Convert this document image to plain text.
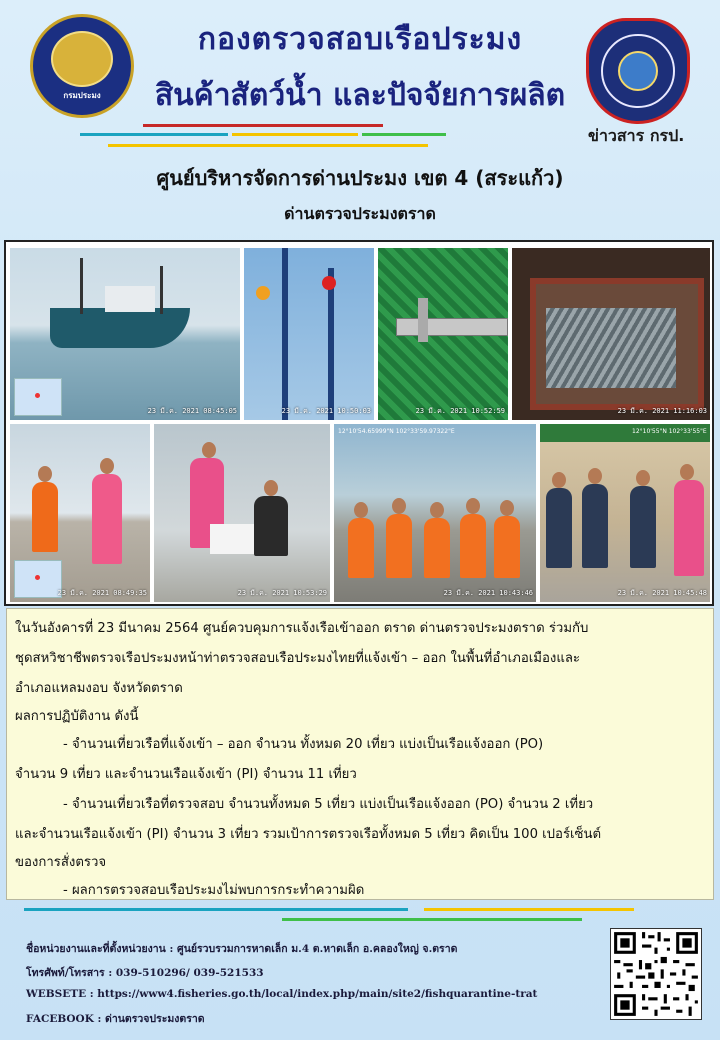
กรมประมง
กองตรวจสอบเรือประมง
สินค้าสัตว์น้ำ และปัจจัยการผลิต
ข่าวสาร กรป.
ศูนย์บริหารจัดการด่านประมง เขต 4 (สระแก้ว)
ด่านตรวจประมงตราด
23 มี.ค. 2021 08:45:05	23 มี.ค. 2021 10:50:03	23 มี.ค. 2021 10:52:59	23 มี.ค. 2021 11:16:03
23 มี.ค. 2021 08:49:35	23 มี.ค. 2021 10:53:29
12°10'54.65999"N 102°33'59.97322"E
23 มี.ค. 2021 10:43:46
12°10'55"N 102°33'55"E
23 มี.ค. 2021 10:45:48
ในวันอังคารที่ 23 มีนาคม 2564 ศูนย์ควบคุมการแจ้งเรือเข้าออก ตราด ด่านตรวจประมงตราด ร่วมกับ
ชุดสหวิชาชีพตรวจเรือประมงหน้าท่าตรวจสอบเรือประมงไทยที่แจ้งเข้า – ออก ในพื้นที่อำเภอเมืองและ
อำเภอแหลมงอบ จังหวัดตราด
ผลการปฏิบัติงาน ดังนี้
- จำนวนเที่ยวเรือที่แจ้งเข้า – ออก จำนวน ทั้งหมด 20 เที่ยว แบ่งเป็นเรือแจ้งออก (PO)
จำนวน 9 เที่ยว และจำนวนเรือแจ้งเข้า (PI) จำนวน 11 เที่ยว
- จำนวนเที่ยวเรือที่ตรวจสอบ จำนวนทั้งหมด 5 เที่ยว แบ่งเป็นเรือแจ้งออก (PO) จำนวน 2 เที่ยว
และจำนวนเรือแจ้งเข้า (PI) จำนวน 3 เที่ยว รวมเป้าการตรวจเรือทั้งหมด 5 เที่ยว คิดเป็น 100 เปอร์เซ็นต์
ของการสั่งตรวจ
- ผลการตรวจสอบเรือประมงไม่พบการกระทำความผิด
ชื่อหน่วยงานและที่ตั้งหน่วยงาน : ศูนย์รวบรวมการหาดเล็ก ม.4 ต.หาดเล็ก อ.คลองใหญ่ จ.ตราด
โทรศัพท์/โทรสาร : 039-510296/ 039-521533
WEBSETE : https://www4.fisheries.go.th/local/index.php/main/site2/fishquarantine-trat
FACEBOOK : ด่านตรวจประมงตราด
